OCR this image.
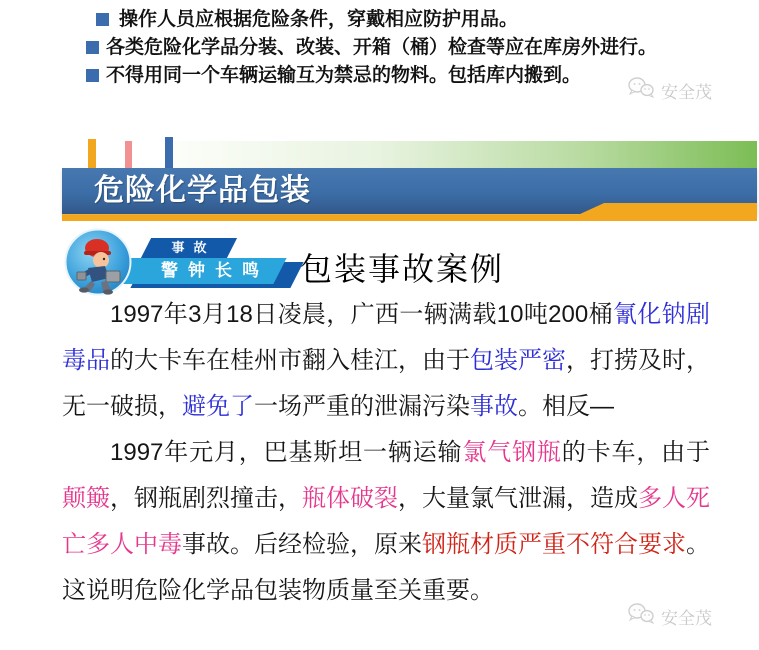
操作人员应根据危险条件，穿戴相应防护用品。
各类危险化学品分装、改装、开箱（桶）检查等应在库房外进行。
不得用同一个车辆运输互为禁忌的物料。包括库内搬到。
安全茂
危险化学品包装
警钟长鸣
事故
包装事故案例
1997年3月18日凌晨，广西一辆满载10吨200桶氰化钠剧
毒品的大卡车在桂州市翻入桂江，由于包装严密，打捞及时，
无一破损，避免了一场严重的泄漏污染事故。相反—
1997年元月，巴基斯坦一辆运输氯气钢瓶的卡车，由于
颠簸，钢瓶剧烈撞击，瓶体破裂，大量氯气泄漏，造成多人死
亡多人中毒事故。后经检验，原来钢瓶材质严重不符合要求。
这说明危险化学品包装物质量至关重要。
安全茂
